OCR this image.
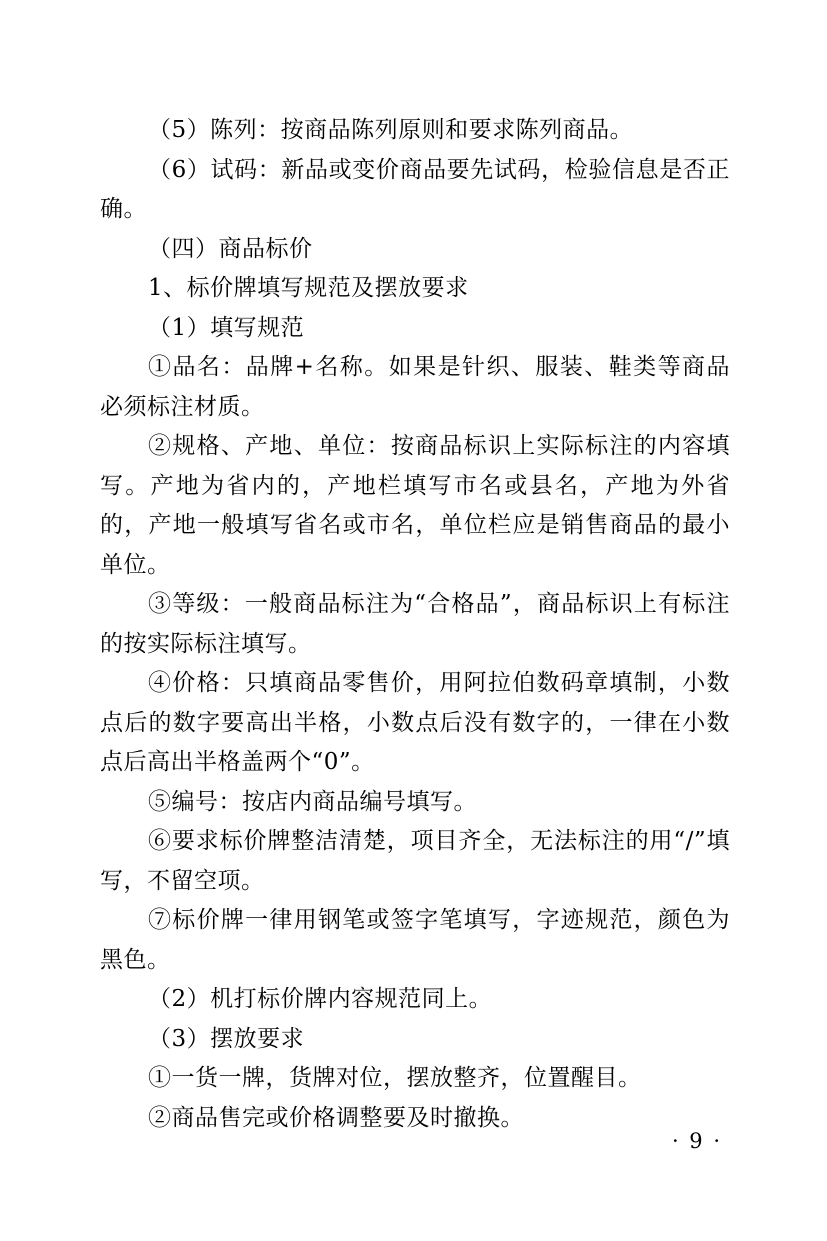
（5）陈列：按商品陈列原则和要求陈列商品。

（6）试码：新品或变价商品要先试码，检验信息是否正确。

（四）商品标价

1、标价牌填写规范及摆放要求

（1）填写规范

①品名：品牌+名称。如果是针织、服装、鞋类等商品必须标注材质。

②规格、产地、单位：按商品标识上实际标注的内容填写。产地为省内的，产地栏填写市名或县名，产地为外省的，产地一般填写省名或市名，单位栏应是销售商品的最小单位。

③等级：一般商品标注为“合格品”，商品标识上有标注的按实际标注填写。

④价格：只填商品零售价，用阿拉伯数码章填制，小数点后的数字要高出半格，小数点后没有数字的，一律在小数点后高出半格盖两个“0”。

⑤编号：按店内商品编号填写。

⑥要求标价牌整洁清楚，项目齐全，无法标注的用“/”填写，不留空项。

⑦标价牌一律用钢笔或签字笔填写，字迹规范，颜色为黑色。

（2）机打标价牌内容规范同上。

（3）摆放要求

①一货一牌，货牌对位，摆放整齐，位置醒目。

②商品售完或价格调整要及时撤换。

· 9 ·
